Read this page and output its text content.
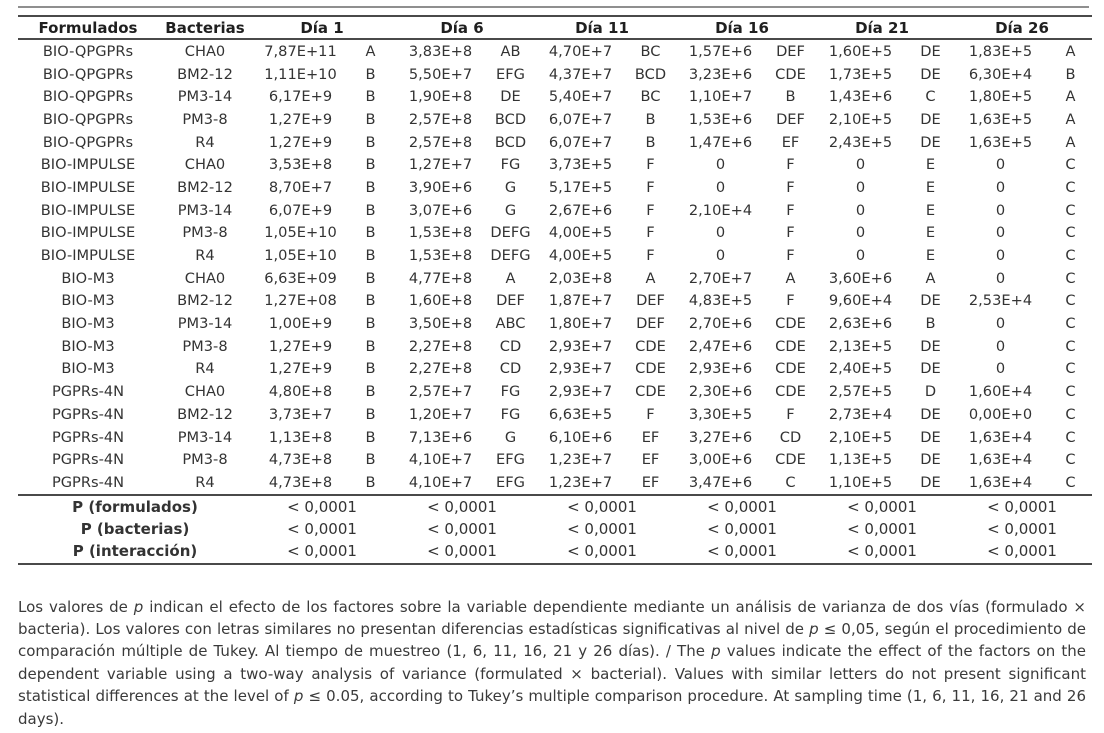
Formulados	Bacterias	Día 1		Día 6		Día 11		Día 16		Día 21		Día 26	
BIO-QPGPRs	CHA0	7,87E+11	A	3,83E+8	AB	4,70E+7	BC	1,57E+6	DEF	1,60E+5	DE	1,83E+5	A
BIO-QPGPRs	BM2-12	1,11E+10	B	5,50E+7	EFG	4,37E+7	BCD	3,23E+6	CDE	1,73E+5	DE	6,30E+4	B
BIO-QPGPRs	PM3-14	6,17E+9	B	1,90E+8	DE	5,40E+7	BC	1,10E+7	B	1,43E+6	C	1,80E+5	A
BIO-QPGPRs	PM3-8	1,27E+9	B	2,57E+8	BCD	6,07E+7	B	1,53E+6	DEF	2,10E+5	DE	1,63E+5	A
BIO-QPGPRs	R4	1,27E+9	B	2,57E+8	BCD	6,07E+7	B	1,47E+6	EF	2,43E+5	DE	1,63E+5	A
BIO-IMPULSE	CHA0	3,53E+8	B	1,27E+7	FG	3,73E+5	F	0	F	0	E	0	C
BIO-IMPULSE	BM2-12	8,70E+7	B	3,90E+6	G	5,17E+5	F	0	F	0	E	0	C
BIO-IMPULSE	PM3-14	6,07E+9	B	3,07E+6	G	2,67E+6	F	2,10E+4	F	0	E	0	C
BIO-IMPULSE	PM3-8	1,05E+10	B	1,53E+8	DEFG	4,00E+5	F	0	F	0	E	0	C
BIO-IMPULSE	R4	1,05E+10	B	1,53E+8	DEFG	4,00E+5	F	0	F	0	E	0	C
BIO-M3	CHA0	6,63E+09	B	4,77E+8	A	2,03E+8	A	2,70E+7	A	3,60E+6	A	0	C
BIO-M3	BM2-12	1,27E+08	B	1,60E+8	DEF	1,87E+7	DEF	4,83E+5	F	9,60E+4	DE	2,53E+4	C
BIO-M3	PM3-14	1,00E+9	B	3,50E+8	ABC	1,80E+7	DEF	2,70E+6	CDE	2,63E+6	B	0	C
BIO-M3	PM3-8	1,27E+9	B	2,27E+8	CD	2,93E+7	CDE	2,47E+6	CDE	2,13E+5	DE	0	C
BIO-M3	R4	1,27E+9	B	2,27E+8	CD	2,93E+7	CDE	2,93E+6	CDE	2,40E+5	DE	0	C
PGPRs-4N	CHA0	4,80E+8	B	2,57E+7	FG	2,93E+7	CDE	2,30E+6	CDE	2,57E+5	D	1,60E+4	C
PGPRs-4N	BM2-12	3,73E+7	B	1,20E+7	FG	6,63E+5	F	3,30E+5	F	2,73E+4	DE	0,00E+0	C
PGPRs-4N	PM3-14	1,13E+8	B	7,13E+6	G	6,10E+6	EF	3,27E+6	CD	2,10E+5	DE	1,63E+4	C
PGPRs-4N	PM3-8	4,73E+8	B	4,10E+7	EFG	1,23E+7	EF	3,00E+6	CDE	1,13E+5	DE	1,63E+4	C
PGPRs-4N	R4	4,73E+8	B	4,10E+7	EFG	1,23E+7	EF	3,47E+6	C	1,10E+5	DE	1,63E+4	C
P (formulados)		< 0,0001		< 0,0001		< 0,0001		< 0,0001		< 0,0001		< 0,0001	
P (bacterias)		< 0,0001		< 0,0001		< 0,0001		< 0,0001		< 0,0001		< 0,0001	
P (interacción)		< 0,0001		< 0,0001		< 0,0001		< 0,0001		< 0,0001		< 0,0001	

Los valores de p indican el efecto de los factores sobre la variable dependiente mediante un análisis de varianza de dos vías (formulado × bacteria). Los valores con letras similares no presentan diferencias estadísticas significativas al nivel de p ≤ 0,05, según el procedimiento de comparación múltiple de Tukey. Al tiempo de muestreo (1, 6, 11, 16, 21 y 26 días). / The p values indicate the effect of the factors on the dependent variable using a two-way analysis of variance (formulated × bacterial). Values with similar letters do not present significant statistical differences at the level of p ≤ 0.05, according to Tukey’s multiple comparison procedure. At sampling time (1, 6, 11, 16, 21 and 26 days).
